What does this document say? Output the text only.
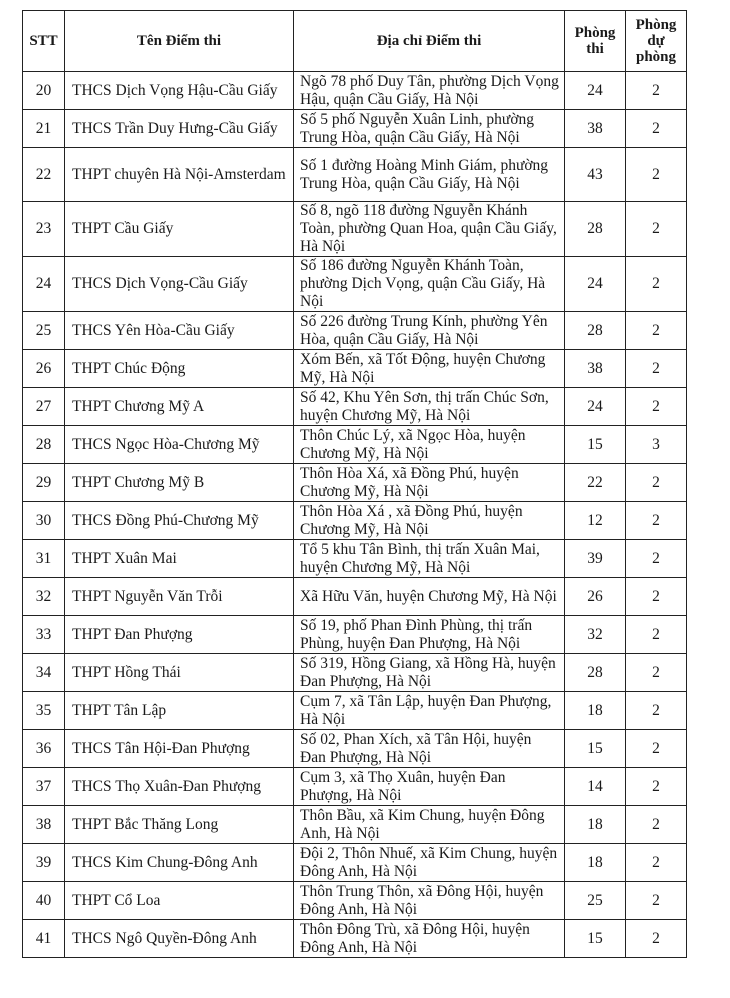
STT	Tên Điểm thi	Địa chỉ Điểm thi	Phòng thi	Phòng dự phòng
20	THCS Dịch Vọng Hậu-Cầu Giấy	Ngõ 78 phố Duy Tân, phường Dịch Vọng Hậu, quận Cầu Giấy, Hà Nội	24	2
21	THCS Trần Duy Hưng-Cầu Giấy	Số 5 phố Nguyễn Xuân Linh, phường Trung Hòa, quận Cầu Giấy, Hà Nội	38	2
22	THPT chuyên Hà Nội-Amsterdam	Số 1 đường Hoàng Minh Giám, phường Trung Hòa, quận Cầu Giấy, Hà Nội	43	2
23	THPT Cầu Giấy	Số 8, ngõ 118 đường Nguyễn Khánh Toàn, phường Quan Hoa, quận Cầu Giấy, Hà Nội	28	2
24	THCS Dịch Vọng-Cầu Giấy	Số 186 đường Nguyễn Khánh Toàn, phường Dịch Vọng, quận Cầu Giấy, Hà Nội	24	2
25	THCS Yên Hòa-Cầu Giấy	Số 226 đường Trung Kính, phường Yên Hòa, quận Cầu Giấy, Hà Nội	28	2
26	THPT Chúc Động	Xóm Bến, xã Tốt Động, huyện Chương Mỹ, Hà Nội	38	2
27	THPT Chương Mỹ A	Số 42, Khu Yên Sơn, thị trấn Chúc Sơn, huyện Chương Mỹ, Hà Nội	24	2
28	THCS Ngọc Hòa-Chương Mỹ	Thôn Chúc Lý, xã Ngọc Hòa, huyện Chương Mỹ, Hà Nội	15	3
29	THPT Chương Mỹ B	Thôn Hòa Xá, xã Đồng Phú, huyện Chương Mỹ, Hà Nội	22	2
30	THCS Đồng Phú-Chương Mỹ	Thôn Hòa Xá , xã Đồng Phú, huyện Chương Mỹ, Hà Nội	12	2
31	THPT Xuân Mai	Tổ 5 khu Tân Bình, thị trấn Xuân Mai, huyện Chương Mỹ, Hà Nội	39	2
32	THPT Nguyễn Văn Trỗi	Xã Hữu Văn, huyện Chương Mỹ, Hà Nội	26	2
33	THPT Đan Phượng	Số 19, phố Phan Đình Phùng, thị trấn Phùng, huyện Đan Phượng, Hà Nội	32	2
34	THPT Hồng Thái	Số 319, Hồng Giang, xã Hồng Hà, huyện Đan Phượng, Hà Nội	28	2
35	THPT Tân Lập	Cụm 7, xã Tân Lập, huyện Đan Phượng, Hà Nội	18	2
36	THCS Tân Hội-Đan Phượng	Số 02, Phan Xích, xã Tân Hội, huyện Đan Phượng, Hà Nội	15	2
37	THCS Thọ Xuân-Đan Phượng	Cụm 3, xã Thọ Xuân, huyện Đan Phượng, Hà Nội	14	2
38	THPT Bắc Thăng Long	Thôn Bầu, xã Kim Chung, huyện Đông Anh, Hà Nội	18	2
39	THCS Kim Chung-Đông Anh	Đội 2, Thôn Nhuế, xã Kim Chung, huyện Đông Anh, Hà Nội	18	2
40	THPT Cổ Loa	Thôn Trung Thôn, xã Đông Hội, huyện Đông Anh, Hà Nội	25	2
41	THCS Ngô Quyền-Đông Anh	Thôn Đông Trù, xã Đông Hội, huyện Đông Anh, Hà Nội	15	2
